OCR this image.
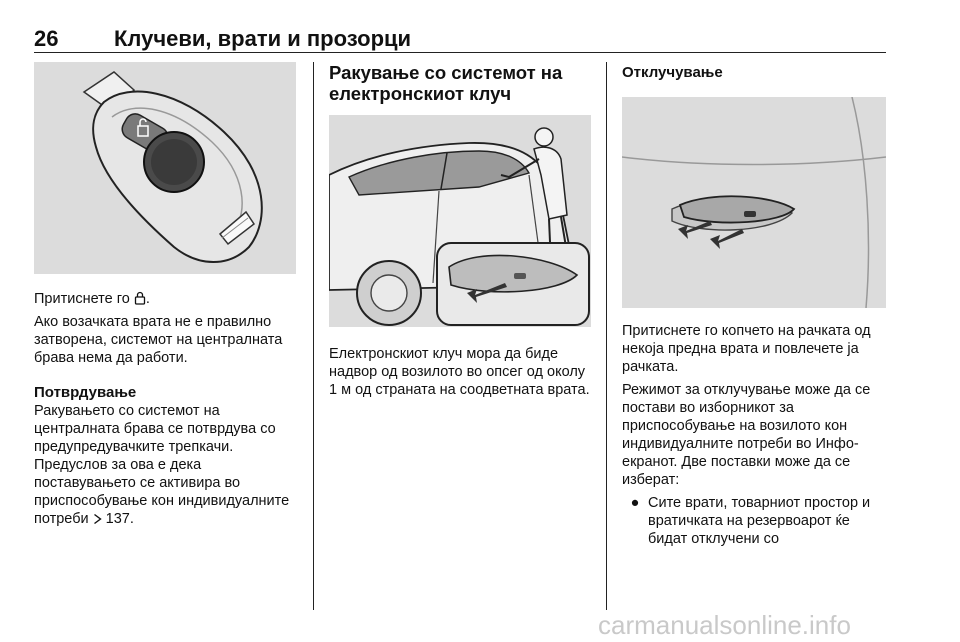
26	Клучеви, врати и прозорци

Притиснете го .

Ако возачката врата не е правилно затворена, системот на централната брава нема да работи.

Потврдување

Ракувањето со системот на централната брава се потврдува со предупредувачките трепкачи. Предуслов за ова е дека поставувањето се активира во приспособување кон индивидуалните потреби 137.

Ракување со системот на електронскиот клуч

Електронскиот клуч мора да биде надвор од возилото во опсег од околу 1 м од страната на соодветната врата.

Отклучување

Притиснете го копчето на рачката од некоја предна врата и повлечете ја рачката.

Режимот за отклучување може да се постави во изборникот за приспособување на возилото кон индивидуалните потреби во Инфо-екранот. Две поставки може да се изберат:

● Сите врати, товарниот простор и вратичката на резервоарот ќе бидат отклучени со
carmanualsonline.info
